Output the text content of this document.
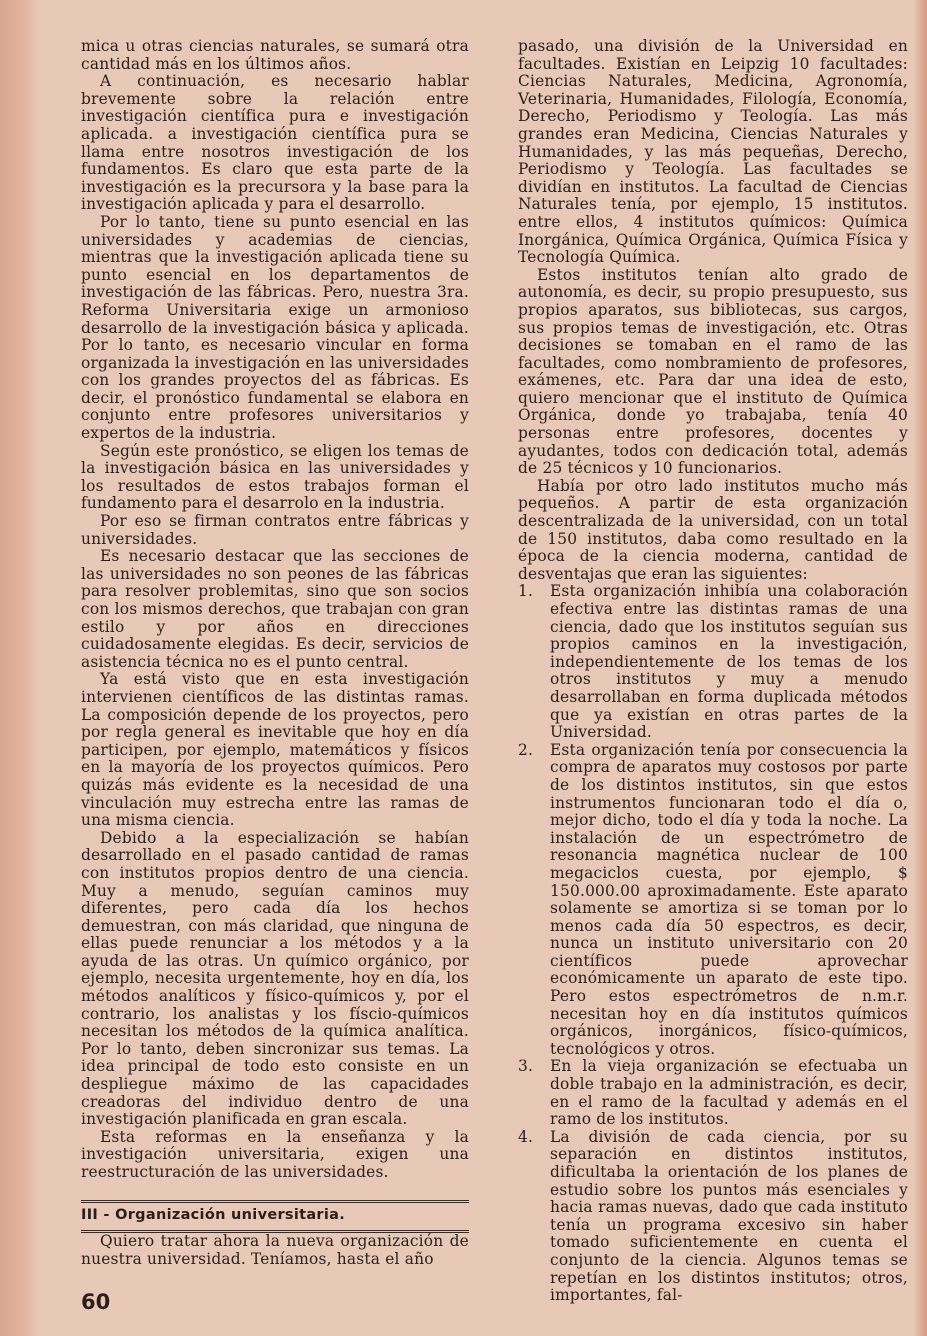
mica u otras ciencias naturales, se sumará otra cantidad más en los últimos años.

A continuación, es necesario hablar brevemente sobre la relación entre investigación científica pura e investigación aplicada. a investigación científica pura se llama entre nosotros investigación de los fundamentos. Es claro que esta parte de la investigación es la precursora y la base para la investigación aplicada y para el desarrollo.

Por lo tanto, tiene su punto esencial en las universidades y academias de ciencias, mientras que la investigación aplicada tiene su punto esencial en los departamentos de investigación de las fábricas. Pero, nuestra 3ra. Reforma Universitaria exige un armonioso desarrollo de la investigación básica y aplicada. Por lo tanto, es necesario vincular en forma organizada la investigación en las universidades con los grandes proyectos del as fábricas. Es decir, el pronóstico fundamental se elabora en conjunto entre profesores universitarios y expertos de la industria.

Según este pronóstico, se eligen los temas de la investigación básica en las universidades y los resultados de estos trabajos forman el fundamento para el desarrolo en la industria.

Por eso se firman contratos entre fábricas y universidades.

Es necesario destacar que las secciones de las universidades no son peones de las fábricas para resolver problemitas, sino que son socios con los mismos derechos, que trabajan con gran estilo y por años en direcciones cuidadosamente elegidas. Es decir, servicios de asistencia técnica no es el punto central.

Ya está visto que en esta investigación intervienen científicos de las distintas ramas. La composición depende de los proyectos, pero por regla general es inevitable que hoy en día participen, por ejemplo, matemáticos y físicos en la mayoría de los proyectos químicos. Pero quizás más evidente es la necesidad de una vinculación muy estrecha entre las ramas de una misma ciencia.

Debido a la especialización se habían desarrollado en el pasado cantidad de ramas con institutos propios dentro de una ciencia. Muy a menudo, seguían caminos muy diferentes, pero cada día los hechos demuestran, con más claridad, que ninguna de ellas puede renunciar a los métodos y a la ayuda de las otras. Un químico orgánico, por ejemplo, necesita urgentemente, hoy en día, los métodos analíticos y físico-químicos y, por el contrario, los analistas y los físcio-químicos necesitan los métodos de la química analítica. Por lo tanto, deben sincronizar sus temas. La idea principal de todo esto consiste en un despliegue máximo de las capacidades creadoras del individuo dentro de una investigación planificada en gran escala.

Esta reformas en la enseñanza y la investigación universitaria, exigen una reestructuración de las universidades.

III - Organización universitaria.

Quiero tratar ahora la nueva organización de nuestra universidad. Teníamos, hasta el año

pasado, una división de la Universidad en facultades. Existían en Leipzig 10 facultades: Ciencias Naturales, Medicina, Agronomía, Veterinaria, Humanidades, Filología, Economía, Derecho, Periodismo y Teología. Las más grandes eran Medicina, Ciencias Naturales y Humanidades, y las más pequeñas, Derecho, Periodismo y Teología. Las facultades se dividían en institutos. La facultad de Ciencias Naturales tenía, por ejemplo, 15 institutos. entre ellos, 4 institutos químicos: Química Inorgánica, Química Orgánica, Química Física y Tecnología Química.

Estos institutos tenían alto grado de autonomía, es decir, su propio presupuesto, sus propios aparatos, sus bibliotecas, sus cargos, sus propios temas de investigación, etc. Otras decisiones se tomaban en el ramo de las facultades, como nombramiento de profesores, exámenes, etc. Para dar una idea de esto, quiero mencionar que el instituto de Química Orgánica, donde yo trabajaba, tenía 40 personas entre profesores, docentes y ayudantes, todos con dedicación total, además de 25 técnicos y 10 funcionarios.

Había por otro lado institutos mucho más pequeños. A partir de esta organización descentralizada de la universidad, con un total de 150 institutos, daba como resultado en la época de la ciencia moderna, cantidad de desventajas que eran las siguientes:

1.	Esta organización inhibía una colaboración efectiva entre las distintas ramas de una ciencia, dado que los institutos seguían sus propios caminos en la investigación, independientemente de los temas de los otros institutos y muy a menudo desarrollaban en forma duplicada métodos que ya existían en otras partes de la Universidad.
2.	Esta organización tenía por consecuencia la compra de aparatos muy costosos por parte de los distintos institutos, sin que estos instrumentos funcionaran todo el día o, mejor dicho, todo el día y toda la noche. La instalación de un espectrómetro de resonancia magnética nuclear de 100 megaciclos cuesta, por ejemplo, $ 150.000.00 aproximadamente. Este aparato solamente se amortiza si se toman por lo menos cada día 50 espectros, es decir, nunca un instituto universitario con 20 científicos puede aprovechar económicamente un aparato de este tipo. Pero estos espectrómetros de n.m.r. necesitan hoy en día institutos químicos orgánicos, inorgánicos, físico-químicos, tecnológicos y otros.
3.	En la vieja organización se efectuaba un doble trabajo en la administración, es decir, en el ramo de la facultad y además en el ramo de los institutos.
4.	La división de cada ciencia, por su separación en distintos institutos, dificultaba la orientación de los planes de estudio sobre los puntos más esenciales y hacia ramas nuevas, dado que cada instituto tenía un programa excesivo sin haber tomado suficientemente en cuenta el conjunto de la ciencia. Algunos temas se repetían en los distintos institutos; otros, importantes, fal-
60
